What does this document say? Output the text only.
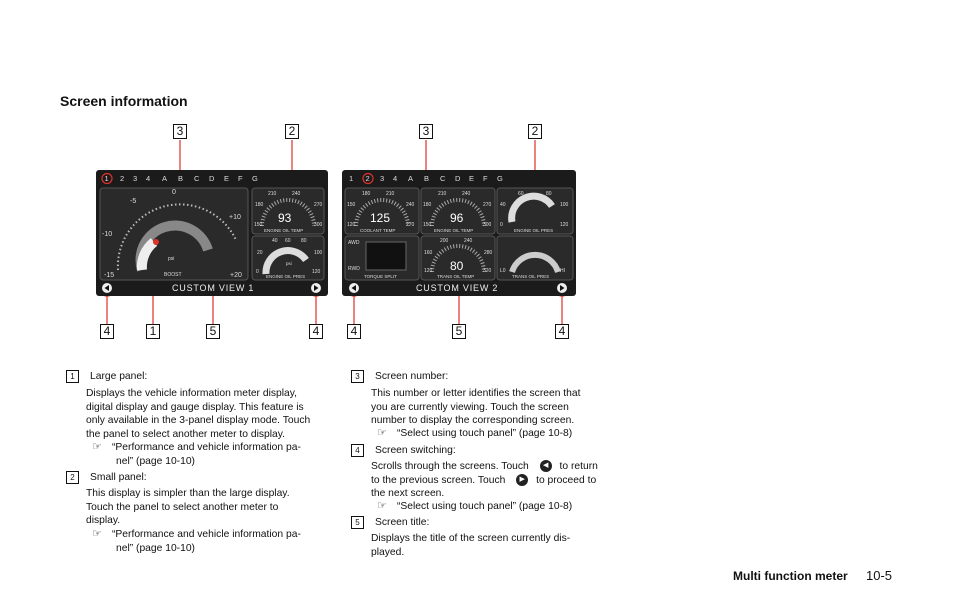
Screen information
3	2	3	2
4	1	5	4	4	5	4
1 2 3 4 A B C D E F G
0
-5
+10
-10
-15	+20
psi
BOOST
210	240
180	270
150	300
93
ENGINE OIL TEMP
40 60 80
20	100
0	120
psi
ENGINE OIL PRES
CUSTOM VIEW 1
1 2 3 4 A B C D E F G
180	210
150	240
120	270
125
COOLANT TEMP
210	240
180	270
150	300
96
ENGINE OIL TEMP
60	80
40	100
0	120
ENGINE OIL PRES
AWD
RWD
TORQUE SPLIT
200	240
160	280
120	320
80
TRANS OIL TEMP
L0	HI
TRANS OIL PRES
CUSTOM VIEW 2
1 Large panel:
Displays the vehicle information meter display,
digital display and gauge display. This feature is
only available in the 3-panel display mode. Touch
the panel to select another meter to display.
☞ “Performance and vehicle information pa-
nel” (page 10-10)
2 Small panel:
This display is simpler than the large display.
Touch the panel to select another meter to
display.
☞ “Performance and vehicle information pa-
nel” (page 10-10)
3 Screen number:
This number or letter identifies the screen that
you are currently viewing. Touch the screen
number to display the corresponding screen.
☞ “Select using touch panel” (page 10-8)
4 Screen switching:
Scrolls through the screens. Touch ◀ to return
to the previous screen. Touch ▶ to proceed to
the next screen.
☞ “Select using touch panel” (page 10-8)
5 Screen title:
Displays the title of the screen currently dis-
played.
Multi function meter 10-5
